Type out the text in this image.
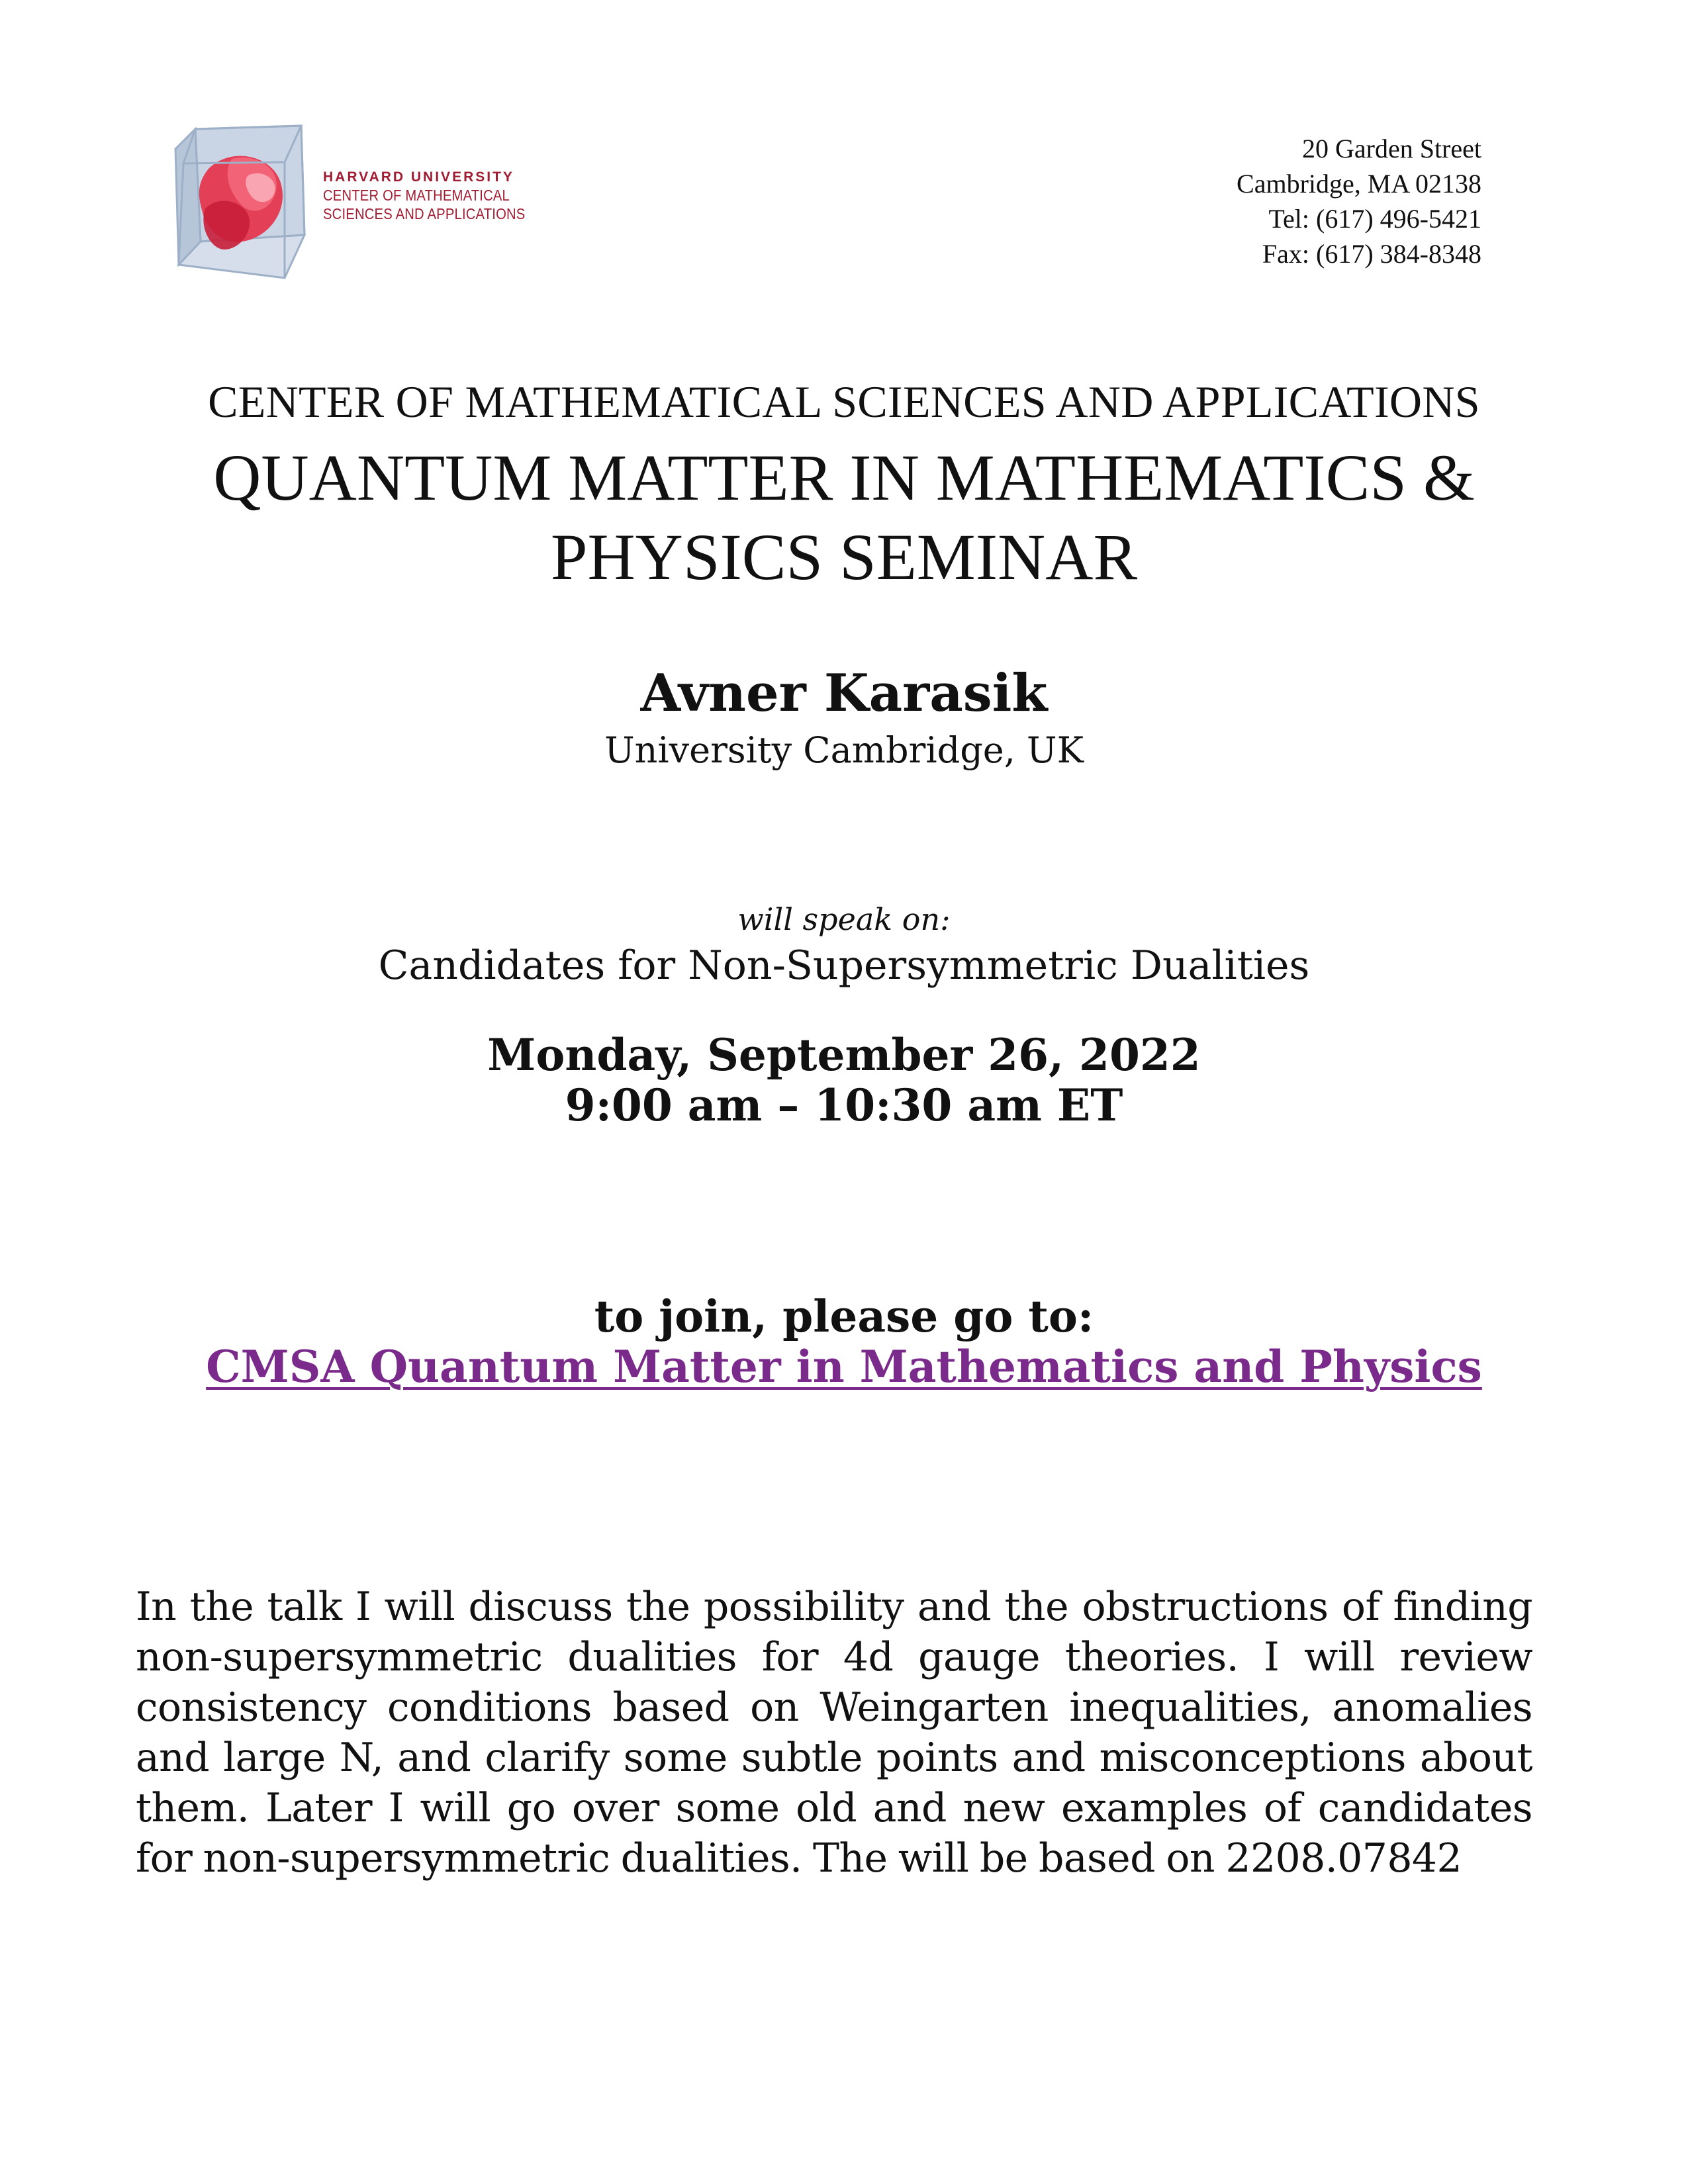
HARVARD UNIVERSITY
CENTER OF MATHEMATICAL
SCIENCES AND APPLICATIONS
20 Garden Street
Cambridge, MA 02138
Tel: (617) 496-5421
Fax: (617) 384-8348
CENTER OF MATHEMATICAL SCIENCES AND APPLICATIONS
QUANTUM MATTER IN MATHEMATICS &
PHYSICS SEMINAR
Avner Karasik
University Cambridge, UK
will speak on:
Candidates for Non-Supersymmetric Dualities
Monday, September 26, 2022
9:00 am – 10:30 am ET
to join, please go to:
CMSA Quantum Matter in Mathematics and Physics
In the talk I will discuss the possibility and the obstructions of finding non-supersymmetric dualities for 4d gauge theories. I will review consistency conditions based on Weingarten inequalities, anomalies and large N, and clarify some subtle points and misconceptions about them. Later I will go over some old and new examples of candidates for non-supersymmetric dualities. The will be based on 2208.07842
